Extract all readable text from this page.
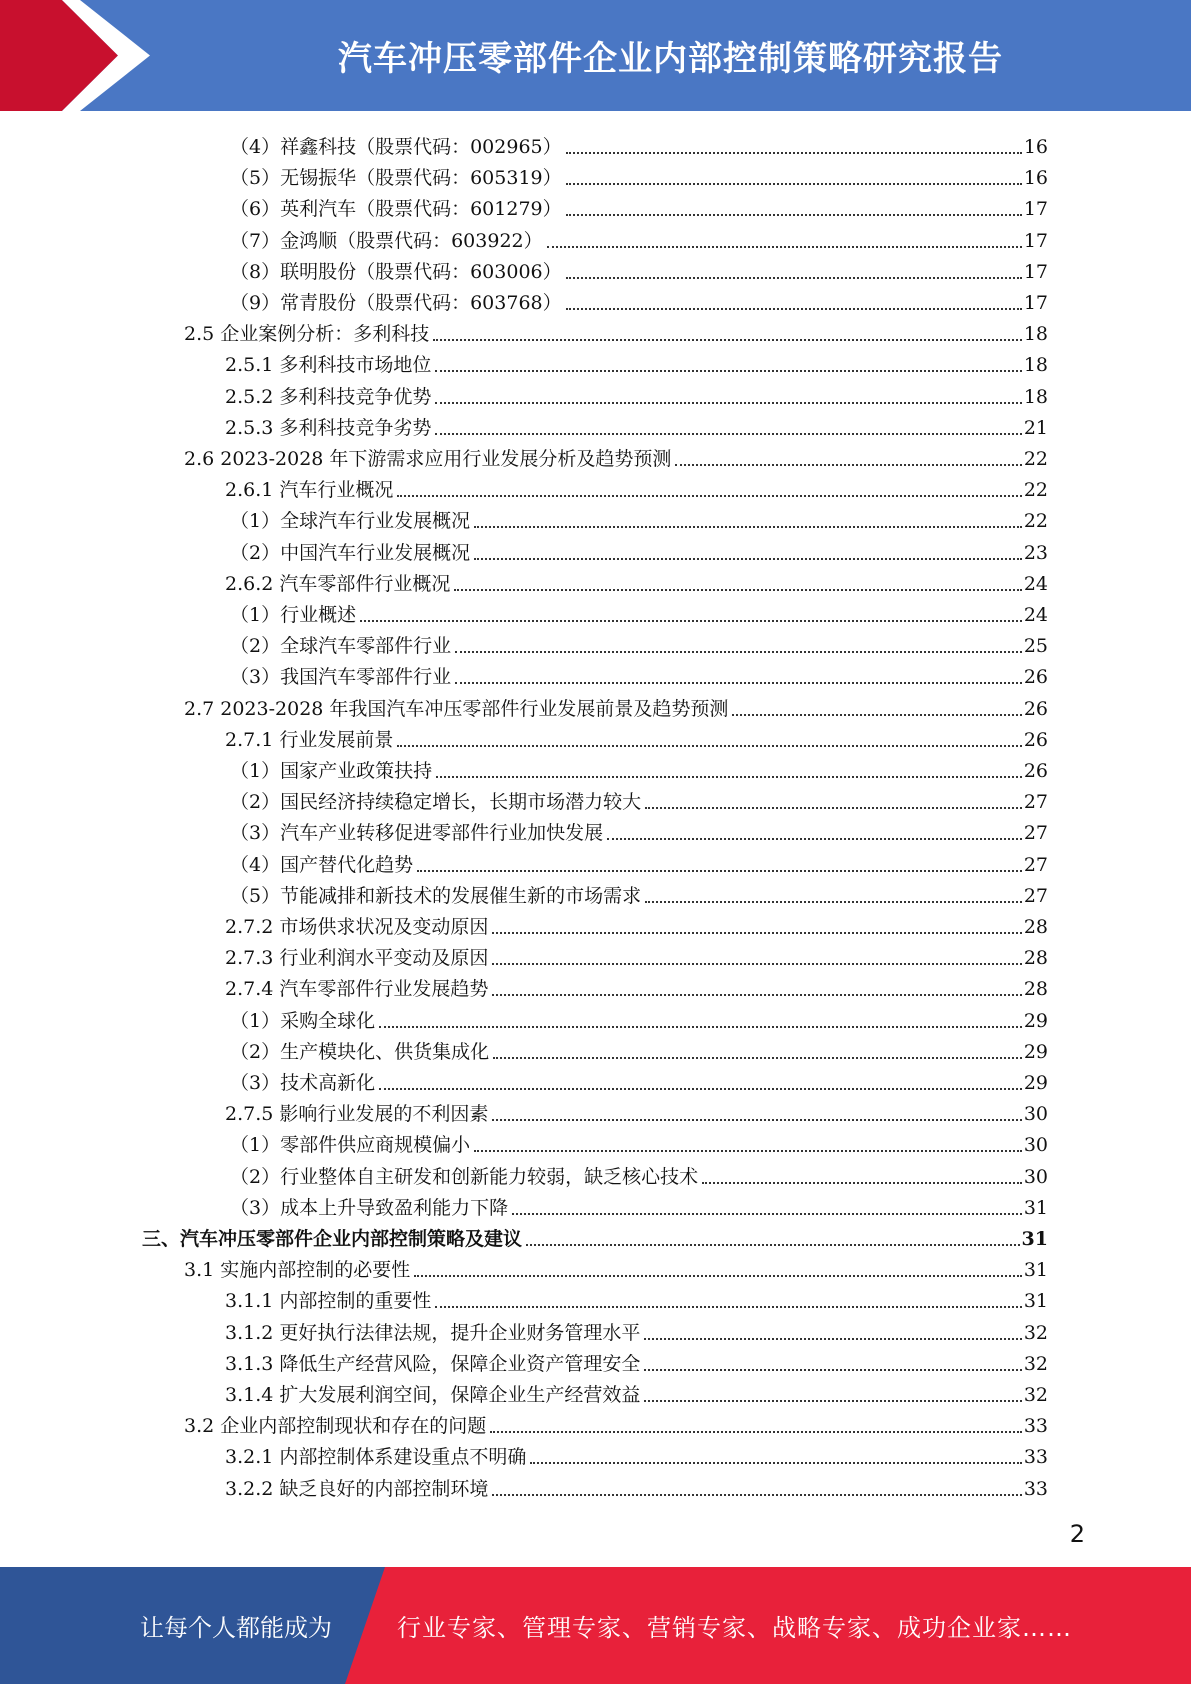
汽车冲压零部件企业内部控制策略研究报告
（4）祥鑫科技（股票代码：002965）	16
（5）无锡振华（股票代码：605319）	16
（6）英利汽车（股票代码：601279）	17
（7）金鸿顺（股票代码：603922）	17
（8）联明股份（股票代码：603006）	17
（9）常青股份（股票代码：603768）	17
2.5 企业案例分析：多利科技	18
2.5.1 多利科技市场地位	18
2.5.2 多利科技竞争优势	18
2.5.3 多利科技竞争劣势	21
2.6 2023-2028 年下游需求应用行业发展分析及趋势预测	22
2.6.1 汽车行业概况	22
（1）全球汽车行业发展概况	22
（2）中国汽车行业发展概况	23
2.6.2 汽车零部件行业概况	24
（1）行业概述	24
（2）全球汽车零部件行业	25
（3）我国汽车零部件行业	26
2.7 2023-2028 年我国汽车冲压零部件行业发展前景及趋势预测	26
2.7.1 行业发展前景	26
（1）国家产业政策扶持	26
（2）国民经济持续稳定增长，长期市场潜力较大	27
（3）汽车产业转移促进零部件行业加快发展	27
（4）国产替代化趋势	27
（5）节能减排和新技术的发展催生新的市场需求	27
2.7.2 市场供求状况及变动原因	28
2.7.3 行业利润水平变动及原因	28
2.7.4 汽车零部件行业发展趋势	28
（1）采购全球化	29
（2）生产模块化、供货集成化	29
（3）技术高新化	29
2.7.5 影响行业发展的不利因素	30
（1）零部件供应商规模偏小	30
（2）行业整体自主研发和创新能力较弱，缺乏核心技术	30
（3）成本上升导致盈利能力下降	31
三、汽车冲压零部件企业内部控制策略及建议	31
3.1 实施内部控制的必要性	31
3.1.1 内部控制的重要性	31
3.1.2 更好执行法律法规，提升企业财务管理水平	32
3.1.3 降低生产经营风险，保障企业资产管理安全	32
3.1.4 扩大发展利润空间，保障企业生产经营效益	32
3.2 企业内部控制现状和存在的问题	33
3.2.1 内部控制体系建设重点不明确	33
3.2.2 缺乏良好的内部控制环境	33
2
让每个人都能成为	行业专家、管理专家、营销专家、战略专家、成功企业家……
